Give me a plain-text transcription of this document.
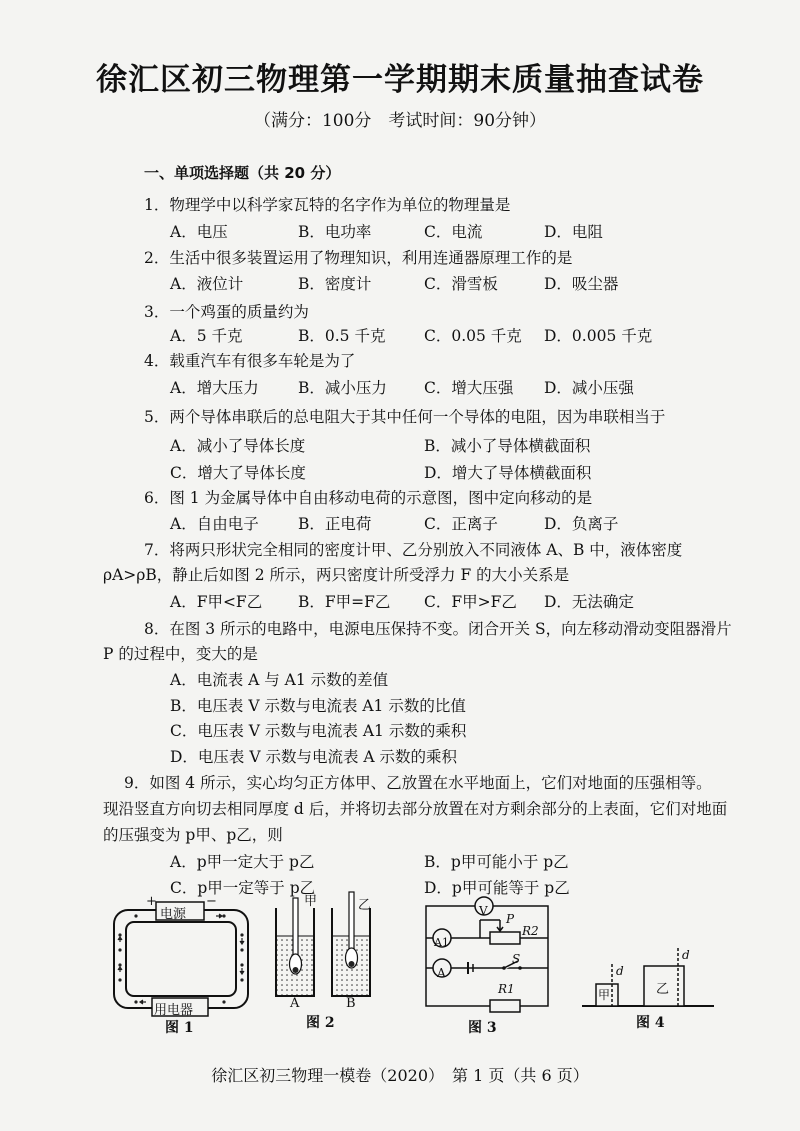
徐汇区初三物理第一学期期末质量抽查试卷
（满分：100分　考试时间：90分钟）
一、单项选择题（共 20 分）
1．物理学中以科学家瓦特的名字作为单位的物理量是
A．电压	B．电功率	C．电流	D．电阻
2．生活中很多装置运用了物理知识，利用连通器原理工作的是
A．液位计	B．密度计	C．滑雪板	D．吸尘器
3．一个鸡蛋的质量约为
A．5 千克	B．0.5 千克 C．0.05 千克 D．0.005 千克
4．载重汽车有很多车轮是为了
A．增大压力	B．减小压力 C．增大压强 D．减小压强
5．两个导体串联后的总电阻大于其中任何一个导体的电阻，因为串联相当于
A．减小了导体长度	B．减小了导体横截面积
C．增大了导体长度	D．增大了导体横截面积
6．图 1 为金属导体中自由移动电荷的示意图，图中定向移动的是
A．自由电子	B．正电荷	C．正离子	D．负离子
7．将两只形状完全相同的密度计甲、乙分别放入不同液体 A、B 中，液体密度
ρA>ρB，静止后如图 2 所示，两只密度计所受浮力 F 的大小关系是
A．F甲<F乙 B．F甲=F乙 C．F甲>F乙 D．无法确定
8．在图 3 所示的电路中，电源电压保持不变。闭合开关 S，向左移动滑动变阻器滑片
P 的过程中，变大的是
A．电流表 A 与 A1 示数的差值
B．电压表 V 示数与电流表 A1 示数的比值
C．电压表 V 示数与电流表 A1 示数的乘积
D．电压表 V 示数与电流表 A 示数的乘积
9．如图 4 所示，实心均匀正方体甲、乙放置在水平地面上，它们对地面的压强相等。
现沿竖直方向切去相同厚度 d 后，并将切去部分放置在对方剩余部分的上表面，它们对地面
的压强变为 p甲、p乙，则
A．p甲一定大于 p乙	B．p甲可能小于 p乙
C．p甲一定等于 p乙	D．p甲可能等于 p乙
电源
用电器
+	−
图 1
甲	乙
A	B
图 2
V
A1
A
P
R2
R1
S
图 3
甲	乙
d
d
图 4
徐汇区初三物理一模卷（2020）　第 1 页（共 6 页）
